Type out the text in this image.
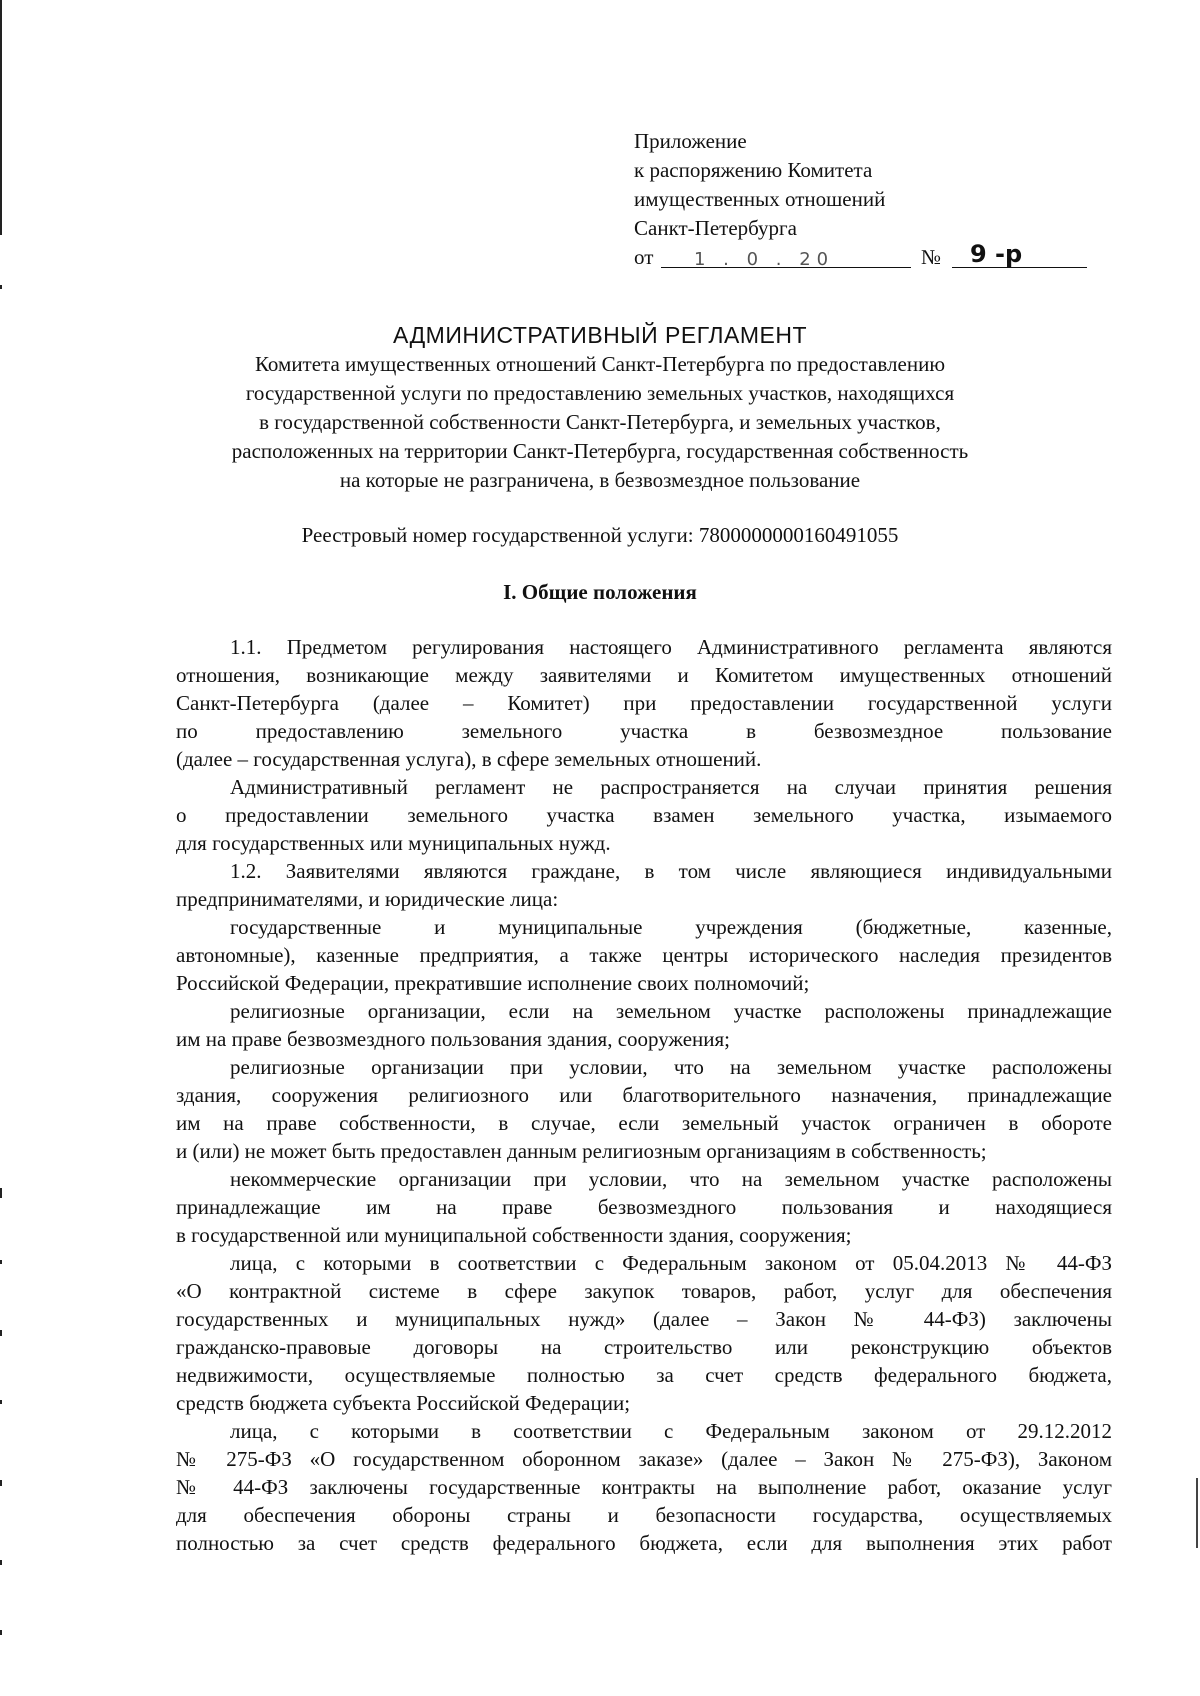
Приложение
к распоряжению Комитета
имущественных отношений
Санкт-Петербурга
от 1 . 0 . 20	№ 9 -р
АДМИНИСТРАТИВНЫЙ РЕГЛАМЕНТ

Комитета имущественных отношений Санкт-Петербурга по предоставлению
государственной услуги по предоставлению земельных участков, находящихся
в государственной собственности Санкт-Петербурга, и земельных участков,
расположенных на территории Санкт-Петербурга, государственная собственность
на которые не разграничена, в безвозмездное пользование

Реестровый номер государственной услуги: 7800000000160491055
I. Общие положения
1.1. Предметом регулирования настоящего Административного регламента являются
отношения, возникающие между заявителями и Комитетом имущественных отношений
Санкт-Петербурга (далее – Комитет) при предоставлении государственной услуги
по предоставлению земельного участка в безвозмездное пользование
(далее – государственная услуга), в сфере земельных отношений.
Административный регламент не распространяется на случаи принятия решения
о предоставлении земельного участка взамен земельного участка, изымаемого
для государственных или муниципальных нужд.
1.2. Заявителями являются граждане, в том числе являющиеся индивидуальными
предпринимателями, и юридические лица:
государственные и муниципальные учреждения (бюджетные, казенные,
автономные), казенные предприятия, а также центры исторического наследия президентов
Российской Федерации, прекратившие исполнение своих полномочий;
религиозные организации, если на земельном участке расположены принадлежащие
им на праве безвозмездного пользования здания, сооружения;
религиозные организации при условии, что на земельном участке расположены
здания, сооружения религиозного или благотворительного назначения, принадлежащие
им на праве собственности, в случае, если земельный участок ограничен в обороте
и (или) не может быть предоставлен данным религиозным организациям в собственность;
некоммерческие организации при условии, что на земельном участке расположены
принадлежащие им на праве безвозмездного пользования и находящиеся
в государственной или муниципальной собственности здания, сооружения;
лица, с которыми в соответствии с Федеральным законом от 05.04.2013 № 44-ФЗ
«О контрактной системе в сфере закупок товаров, работ, услуг для обеспечения
государственных и муниципальных нужд» (далее – Закон № 44-ФЗ) заключены
гражданско-правовые договоры на строительство или реконструкцию объектов
недвижимости, осуществляемые полностью за счет средств федерального бюджета,
средств бюджета субъекта Российской Федерации;
лица, с которыми в соответствии с Федеральным законом от 29.12.2012
№ 275-ФЗ «О государственном оборонном заказе» (далее – Закон № 275-ФЗ), Законом
№ 44-ФЗ заключены государственные контракты на выполнение работ, оказание услуг
для обеспечения обороны страны и безопасности государства, осуществляемых
полностью за счет средств федерального бюджета, если для выполнения этих работ
